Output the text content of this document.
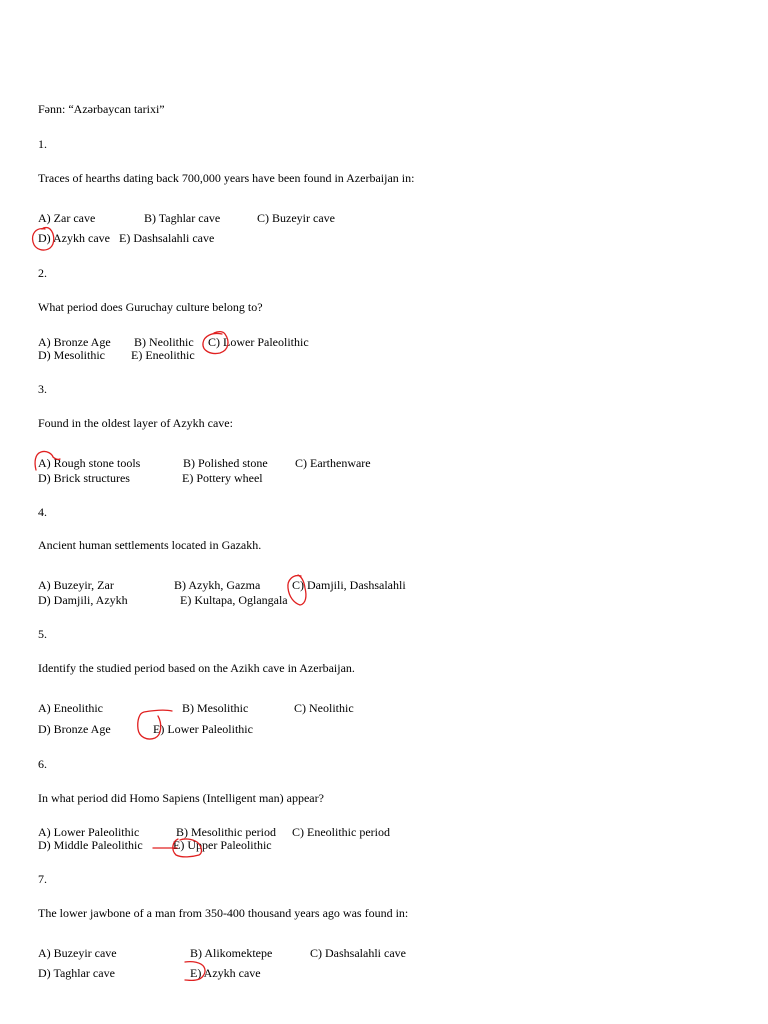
Fənn: “Azərbaycan tarixi”
1.
Traces of hearths dating back 700,000 years have been found in Azerbaijan in:
A) Zar cave	B) Taghlar cave	C) Buzeyir cave
D) Azykh cave E) Dashsalahli cave
2.
What period does Guruchay culture belong to?
A) Bronze Age B) Neolithic C) Lower Paleolithic
D) Mesolithic E) Eneolithic
3.
Found in the oldest layer of Azykh cave:
A) Rough stone tools	B) Polished stone C) Earthenware
D) Brick structures	E) Pottery wheel
4.
Ancient human settlements located in Gazakh.
A) Buzeyir, Zar	B) Azykh, Gazma	C) Damjili, Dashsalahli
D) Damjili, Azykh	E) Kultapa, Oglangala
5.
Identify the studied period based on the Azikh cave in Azerbaijan.
A) Eneolithic	B) Mesolithic	C) Neolithic
D) Bronze Age	E) Lower Paleolithic
6.
In what period did Homo Sapiens (Intelligent man) appear?
A) Lower Paleolithic	B) Mesolithic period C) Eneolithic period
D) Middle Paleolithic	E) Upper Paleolithic
7.
The lower jawbone of a man from 350-400 thousand years ago was found in:
A) Buzeyir cave	B) Alikomektepe	C) Dashsalahli cave
D) Taghlar cave	E) Azykh cave
